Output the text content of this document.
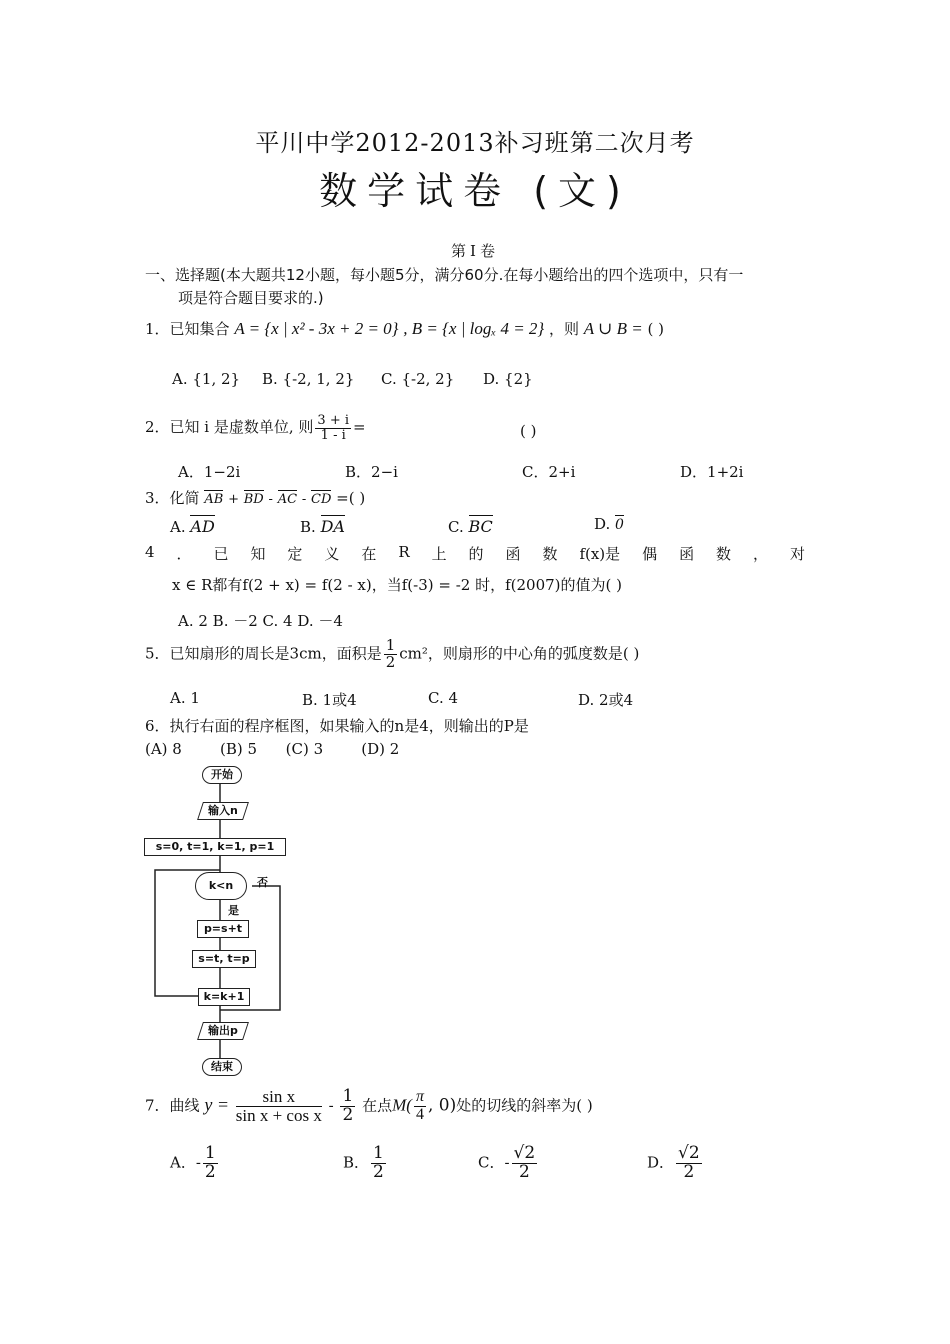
平川中学2012-2013补习班第二次月考
数学试卷 (文)
第Ⅰ卷
一、选择题(本大题共12小题，每小题5分，满分60分.在每小题给出的四个选项中，只有一
项是符合题目要求的.)
1．已知集合 A = {x | x² - 3x + 2 = 0} , B = {x | logₓ 4 = 2} ，则 A ∪ B = ( )
A. {1, 2} B. {-2, 1, 2} C. {-2, 2} D. {2}
2．已知 i 是虚数单位, 则 $\frac{3 + i}{1 - i}$ =	( )
A．1−2i	B．2−i	C．2+i	D．1+2i
3．化简 AB + BD - AC - CD =( )
A. AD	B. DA	C. BC	D. 0
4 ． 已 知 定 义 在 R 上 的 函 数 f(x)是 偶 函 数 ， 对
x ∈ R都有f(2 + x) = f(2 - x)，当f(-3) = -2 时，f(2007)的值为( )
A. 2 B. －2 C. 4 D. －4
5．已知扇形的周长是3cm，面积是 $\frac{1}{2} cm^2$，则扇形的中心角的弧度数是( )
A. 1	B. 1或4	C. 4	D. 2或4
6．执行右面的程序框图，如果输入的n是4，则输出的P是
(A) 8        (B) 5      (C) 3        (D) 2
开始
输入n
s=0, t=1, k=1, p=1
k<n	否
是
p=s+t
s=t, t=p
k=k+1
输出p
结束
7．曲线 $y = \frac{\text{sin x}}{\text{sin x + cos x}} - \frac{1}{2}$ 在点$M( \frac{\pi}{4}$ , 0)处的切线的斜率为( )
A．- $\frac{1}{2}$	B． $\frac{1}{2}$	C．- $\frac{√2}{2}$	D． $\frac{√2}{2}$
